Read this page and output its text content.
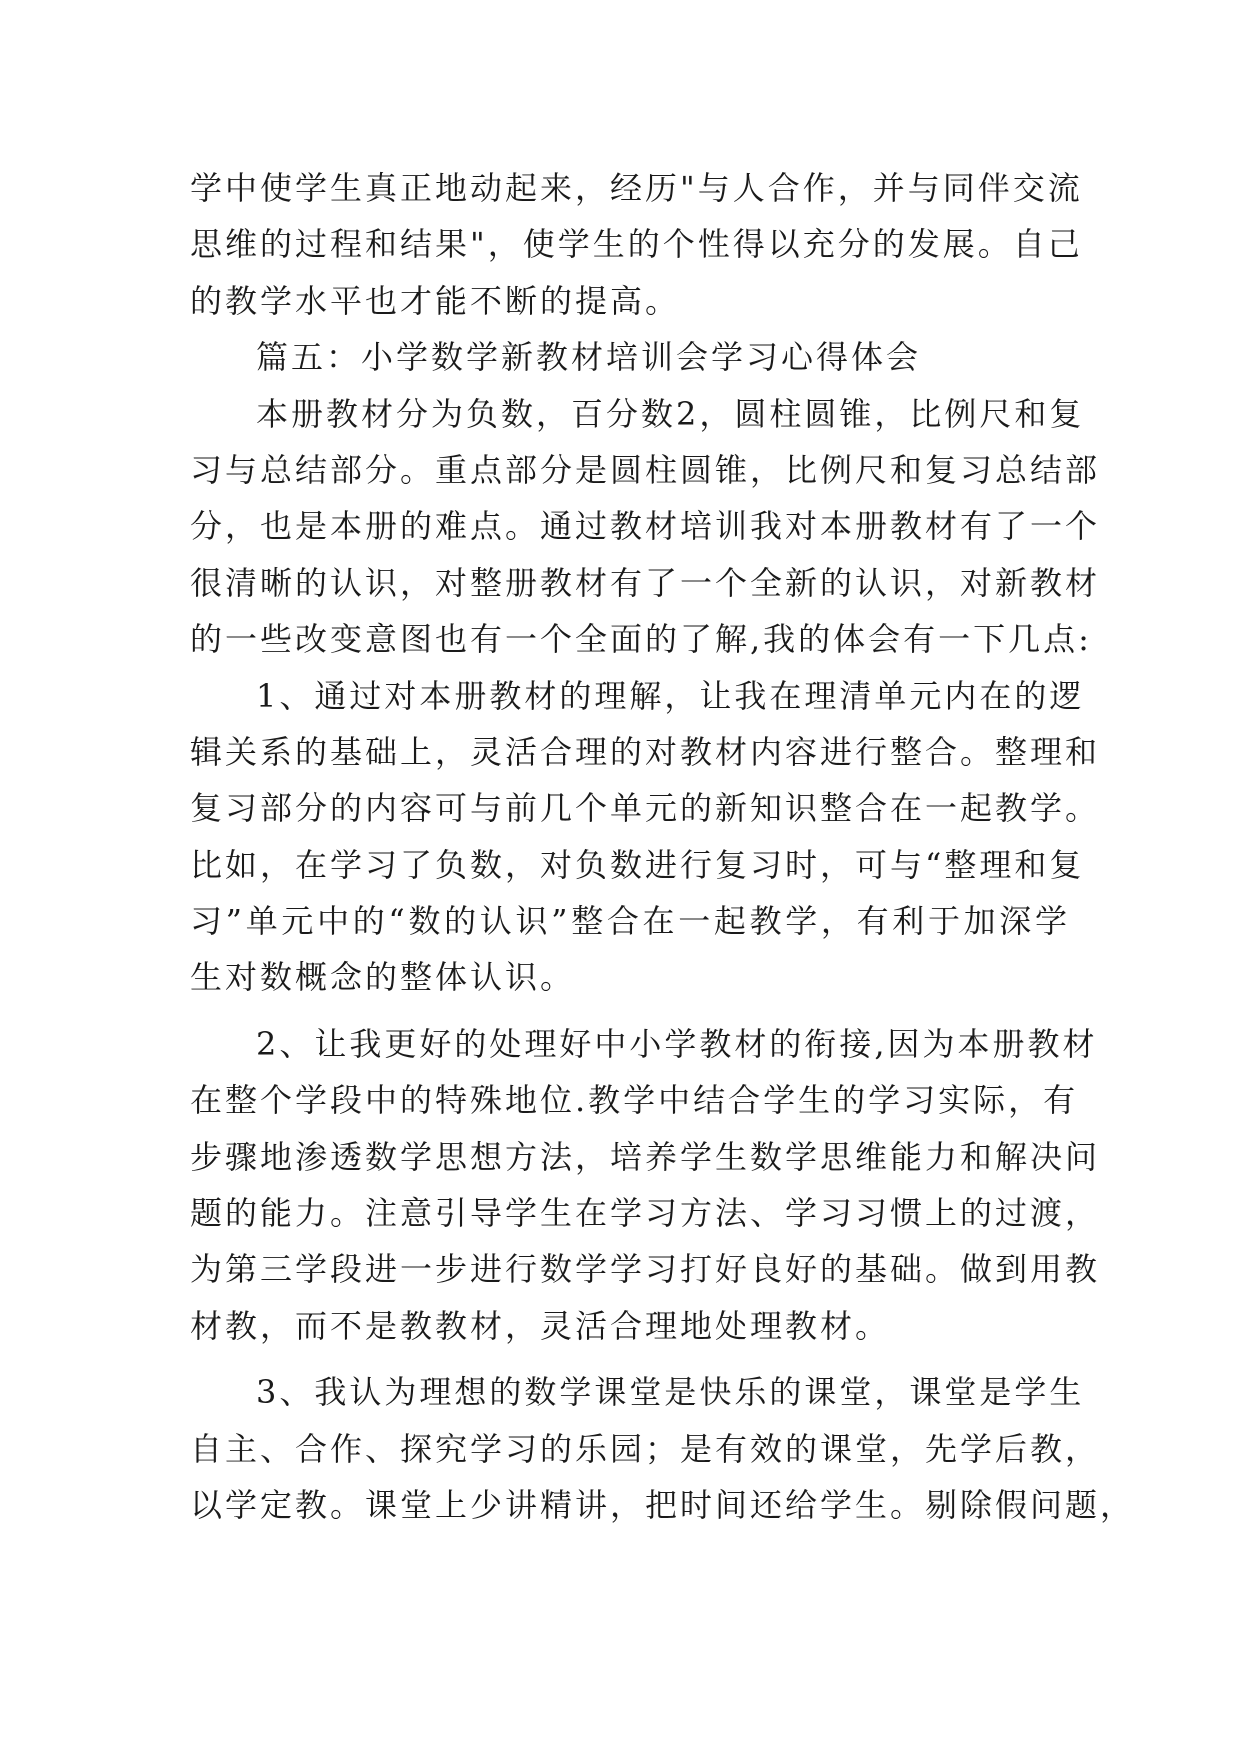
学中使学生真正地动起来，经历"与人合作，并与同伴交流
思维的过程和结果"，使学生的个性得以充分的发展。自己
的教学水平也才能不断的提高。
篇五：小学数学新教材培训会学习心得体会
本册教材分为负数，百分数2，圆柱圆锥，比例尺和复
习与总结部分。重点部分是圆柱圆锥，比例尺和复习总结部
分，也是本册的难点。通过教材培训我对本册教材有了一个
很清晰的认识，对整册教材有了一个全新的认识，对新教材
的一些改变意图也有一个全面的了解,我的体会有一下几点:
1、通过对本册教材的理解，让我在理清单元内在的逻
辑关系的基础上，灵活合理的对教材内容进行整合。整理和
复习部分的内容可与前几个单元的新知识整合在一起教学。
比如，在学习了负数，对负数进行复习时，可与“整理和复
习”单元中的“数的认识”整合在一起教学，有利于加深学
生对数概念的整体认识。
2、让我更好的处理好中小学教材的衔接,因为本册教材
在整个学段中的特殊地位.教学中结合学生的学习实际，有
步骤地渗透数学思想方法，培养学生数学思维能力和解决问
题的能力。注意引导学生在学习方法、学习习惯上的过渡，
为第三学段进一步进行数学学习打好良好的基础。做到用教
材教，而不是教教材，灵活合理地处理教材。
3、我认为理想的数学课堂是快乐的课堂，课堂是学生
自主、合作、探究学习的乐园；是有效的课堂，先学后教，
以学定教。课堂上少讲精讲，把时间还给学生。剔除假问题，
